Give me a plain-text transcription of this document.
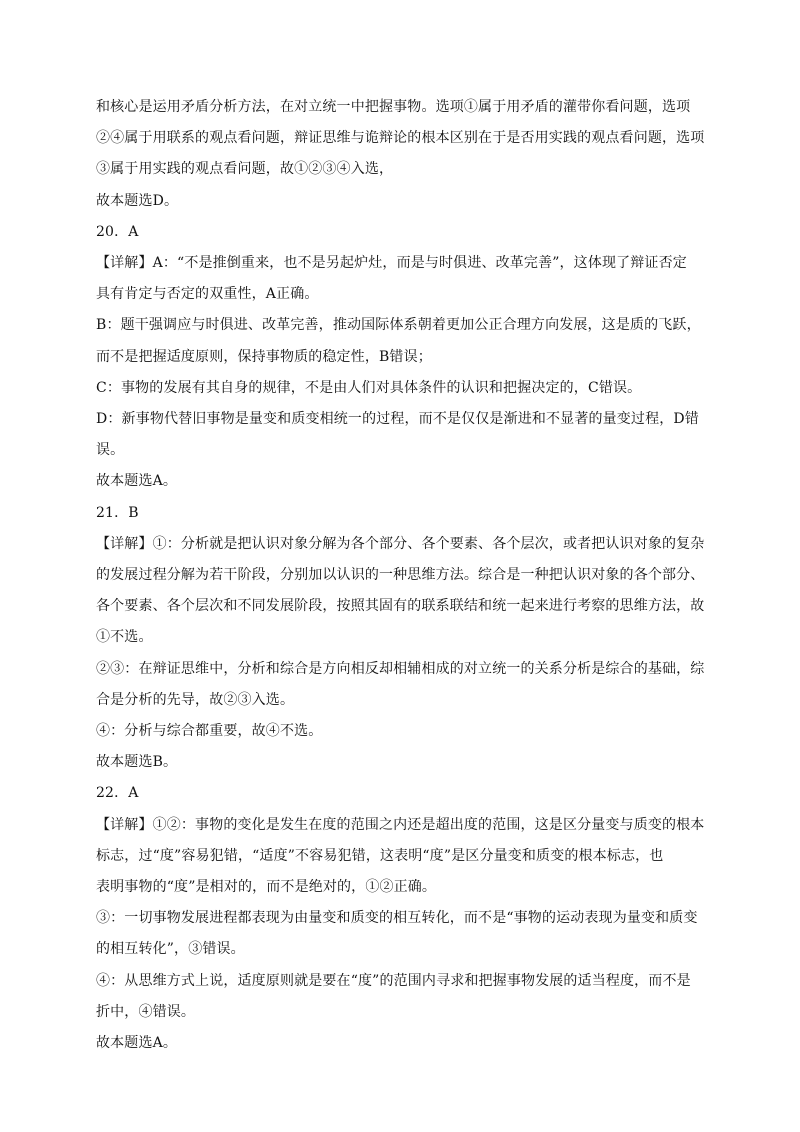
和核心是运用矛盾分析方法，在对立统一中把握事物。选项①属于用矛盾的灌带你看问题，选项

②④属于用联系的观点看问题，辩证思维与诡辩论的根本区别在于是否用实践的观点看问题，选项

③属于用实践的观点看问题，故①②③④入选，

故本题选D。

20．A

【详解】A：“不是推倒重来，也不是另起炉灶，而是与时俱进、改革完善”，这体现了辩证否定

具有肯定与否定的双重性，A正确。

B：题干强调应与时俱进、改革完善，推动国际体系朝着更加公正合理方向发展，这是质的飞跃，

而不是把握适度原则，保持事物质的稳定性，B错误；

C：事物的发展有其自身的规律，不是由人们对具体条件的认识和把握决定的，C错误。

D：新事物代替旧事物是量变和质变相统一的过程，而不是仅仅是渐进和不显著的量变过程，D错

误。

故本题选A。

21．B

【详解】①：分析就是把认识对象分解为各个部分、各个要素、各个层次，或者把认识对象的复杂

的发展过程分解为若干阶段，分别加以认识的一种思维方法。综合是一种把认识对象的各个部分、

各个要素、各个层次和不同发展阶段，按照其固有的联系联结和统一起来进行考察的思维方法，故

①不选。

②③：在辩证思维中，分析和综合是方向相反却相辅相成的对立统一的关系分析是综合的基础，综

合是分析的先导，故②③入选。

④：分析与综合都重要，故④不选。

故本题选B。

22．A

【详解】①②：事物的变化是发生在度的范围之内还是超出度的范围，这是区分量变与质变的根本

标志，过“度”容易犯错，“适度”不容易犯错，这表明“度”是区分量变和质变的根本标志，也

表明事物的“度”是相对的，而不是绝对的，①②正确。

③：一切事物发展进程都表现为由量变和质变的相互转化，而不是“事物的运动表现为量变和质变

的相互转化”，③错误。

④：从思维方式上说，适度原则就是要在“度”的范围内寻求和把握事物发展的适当程度，而不是

折中，④错误。

故本题选A。
